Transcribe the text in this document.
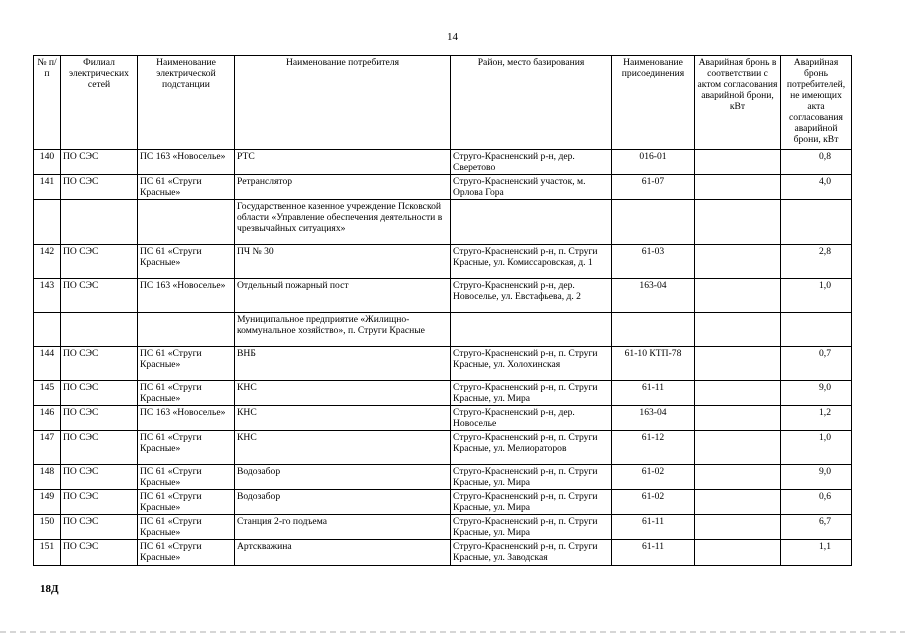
14
№ п/п	Филиал электрических сетей	Наименование электрической подстанции	Наименование потребителя	Район, место базирования	Наименование присоединения	Аварийная бронь в соответствии с актом согласования аварийной брони, кВт	Аварийная бронь потребителей, не имеющих акта согласования аварийной брони, кВт
140	ПО СЭС	ПС 163 «Новоселье»	РТС	Струго-Красненский р-н, дер. Сверетово	016-01		0,8
141	ПО СЭС	ПС 61 «Струги Красные»	Ретранслятор	Струго-Красненский участок, м. Орлова Гора	61-07		4,0
			Государственное казенное учреждение Псковской области «Управление обеспечения деятельности в чрезвычайных ситуациях»				
142	ПО СЭС	ПС 61 «Струги Красные»	ПЧ № 30	Струго-Красненский р-н, п. Струги Красные, ул. Комиссаровская, д. 1	61-03		2,8
143	ПО СЭС	ПС 163 «Новоселье»	Отдельный пожарный пост	Струго-Красненский р-н, дер. Новоселье, ул. Евстафьева, д. 2	163-04		1,0
			Муниципальное предприятие «Жилищно-коммунальное хозяйство», п. Струги Красные				
144	ПО СЭС	ПС 61 «Струги Красные»	ВНБ	Струго-Красненский р-н, п. Струги Красные, ул. Холохинская	61-10 КТП-78		0,7
145	ПО СЭС	ПС 61 «Струги Красные»	КНС	Струго-Красненский р-н, п. Струги Красные, ул. Мира	61-11		9,0
146	ПО СЭС	ПС 163 «Новоселье»	КНС	Струго-Красненский р-н, дер. Новоселье	163-04		1,2
147	ПО СЭС	ПС 61 «Струги Красные»	КНС	Струго-Красненский р-н, п. Струги Красные, ул. Мелиораторов	61-12		1,0
148	ПО СЭС	ПС 61 «Струги Красные»	Водозабор	Струго-Красненский р-н, п. Струги Красные, ул. Мира	61-02		9,0
149	ПО СЭС	ПС 61 «Струги Красные»	Водозабор	Струго-Красненский р-н, п. Струги Красные, ул. Мира	61-02		0,6
150	ПО СЭС	ПС 61 «Струги Красные»	Станция 2-го подъема	Струго-Красненский р-н, п. Струги Красные, ул. Мира	61-11		6,7
151	ПО СЭС	ПС 61 «Струги Красные»	Артскважина	Струго-Красненский р-н, п. Струги Красные, ул. Заводская	61-11		1,1
18Д
